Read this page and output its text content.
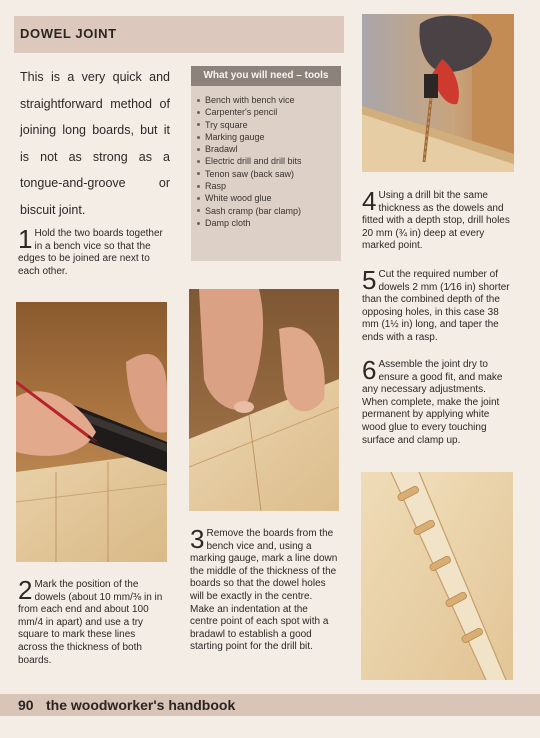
DOWEL JOINT

This is a very quick and straightforward method of joining long boards, but it is not as strong as a tongue-and-groove or biscuit joint.

What you will need – tools
Bench with bench vice
Carpenter's pencil
Try square
Marking gauge
Bradawl
Electric drill and drill bits
Tenon saw (back saw)
Rasp
White wood glue
Sash cramp (bar clamp)
Damp cloth
1 Hold the two boards together in a bench vice so that the edges to be joined are next to each other.
2 Mark the position of the dowels (about 10 mm/⅜ in in from each end and about 100 mm/4 in apart) and use a try square to mark these lines across the thickness of both boards.
3 Remove the boards from the bench vice and, using a marking gauge, mark a line down the middle of the thickness of the boards so that the dowel holes will be exactly in the centre. Make an indentation at the centre point of each spot with a bradawl to establish a good starting point for the drill bit.
4 Using a drill bit the same thickness as the dowels and fitted with a depth stop, drill holes 20 mm (¾ in) deep at every marked point.
5 Cut the required number of dowels 2 mm (1⁄16 in) shorter than the combined depth of the opposing holes, in this case 38 mm (1½ in) long, and taper the ends with a rasp.
6 Assemble the joint dry to ensure a good fit, and make any necessary adjustments. When complete, make the joint permanent by applying white wood glue to every touching surface and clamp up.
90 the woodworker's handbook
